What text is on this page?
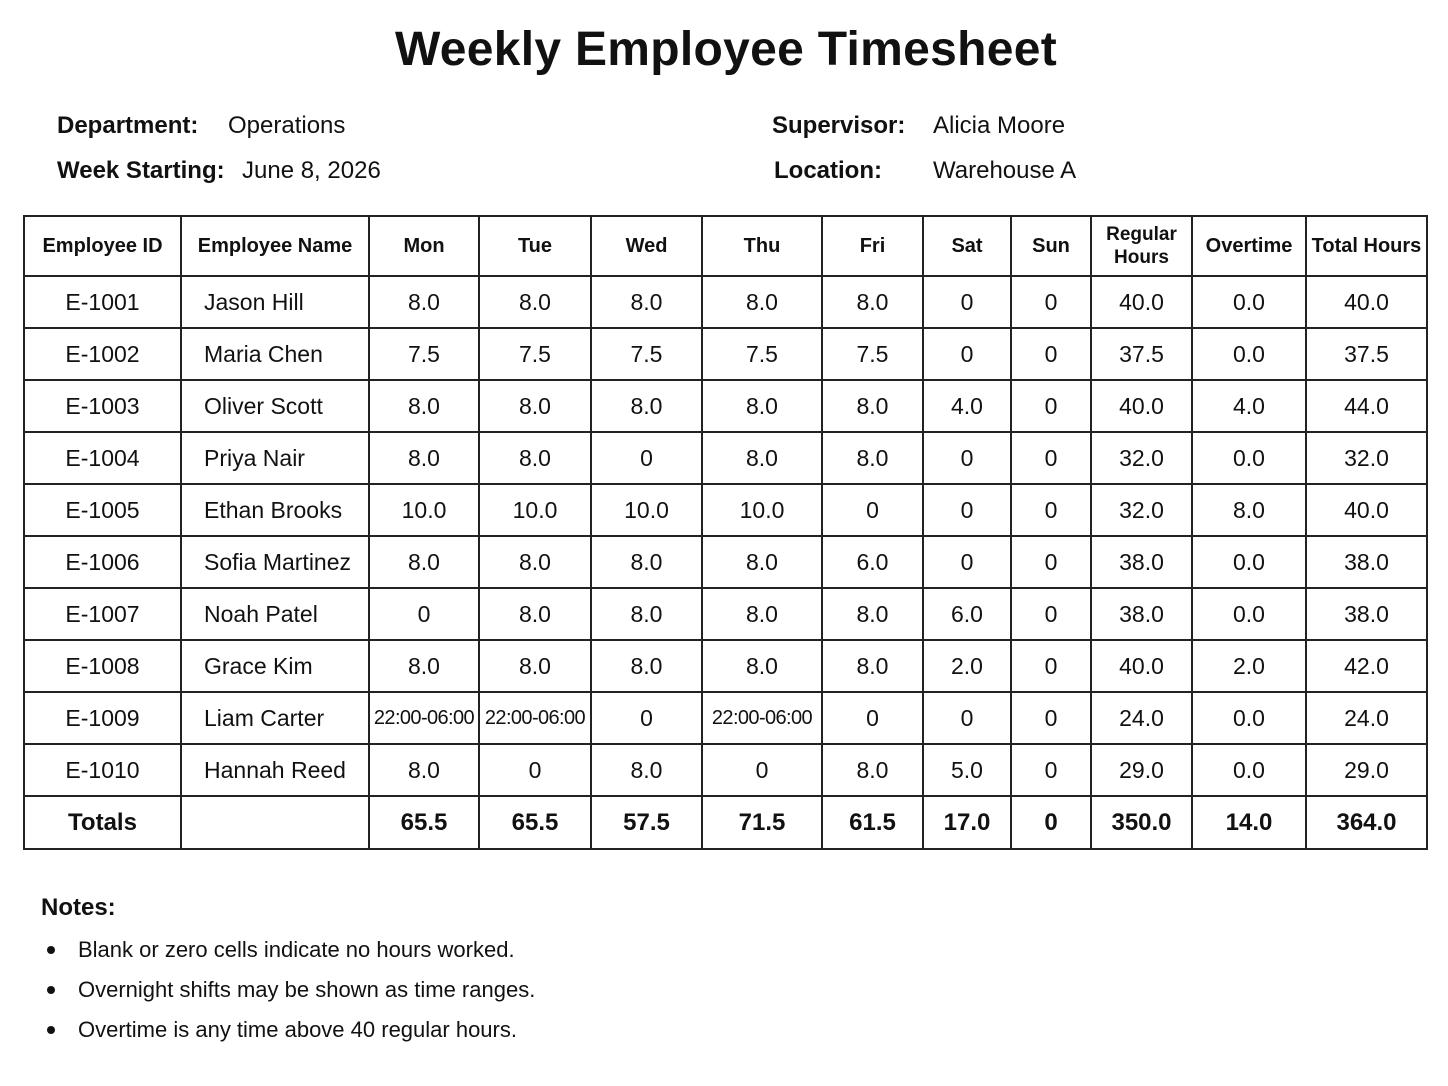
Weekly Employee Timesheet
Department: Operations
Week Starting: June 8, 2026
Supervisor: Alicia Moore
Location: Warehouse A
Employee ID	Employee Name	Mon	Tue	Wed	Thu	Fri	Sat	Sun	Regular Hours	Overtime	Total Hours
E-1001	Jason Hill	8.0	8.0	8.0	8.0	8.0	0	0	40.0	0.0	40.0
E-1002	Maria Chen	7.5	7.5	7.5	7.5	7.5	0	0	37.5	0.0	37.5
E-1003	Oliver Scott	8.0	8.0	8.0	8.0	8.0	4.0	0	40.0	4.0	44.0
E-1004	Priya Nair	8.0	8.0	0	8.0	8.0	0	0	32.0	0.0	32.0
E-1005	Ethan Brooks	10.0	10.0	10.0	10.0	0	0	0	32.0	8.0	40.0
E-1006	Sofia Martinez	8.0	8.0	8.0	8.0	6.0	0	0	38.0	0.0	38.0
E-1007	Noah Patel	0	8.0	8.0	8.0	8.0	6.0	0	38.0	0.0	38.0
E-1008	Grace Kim	8.0	8.0	8.0	8.0	8.0	2.0	0	40.0	2.0	42.0
E-1009	Liam Carter	22:00-06:00	22:00-06:00	0	22:00-06:00	0	0	0	24.0	0.0	24.0
E-1010	Hannah Reed	8.0	0	8.0	0	8.0	5.0	0	29.0	0.0	29.0
Totals		65.5	65.5	57.5	71.5	61.5	17.0	0	350.0	14.0	364.0
Notes:
Blank or zero cells indicate no hours worked.
Overnight shifts may be shown as time ranges.
Overtime is any time above 40 regular hours.
